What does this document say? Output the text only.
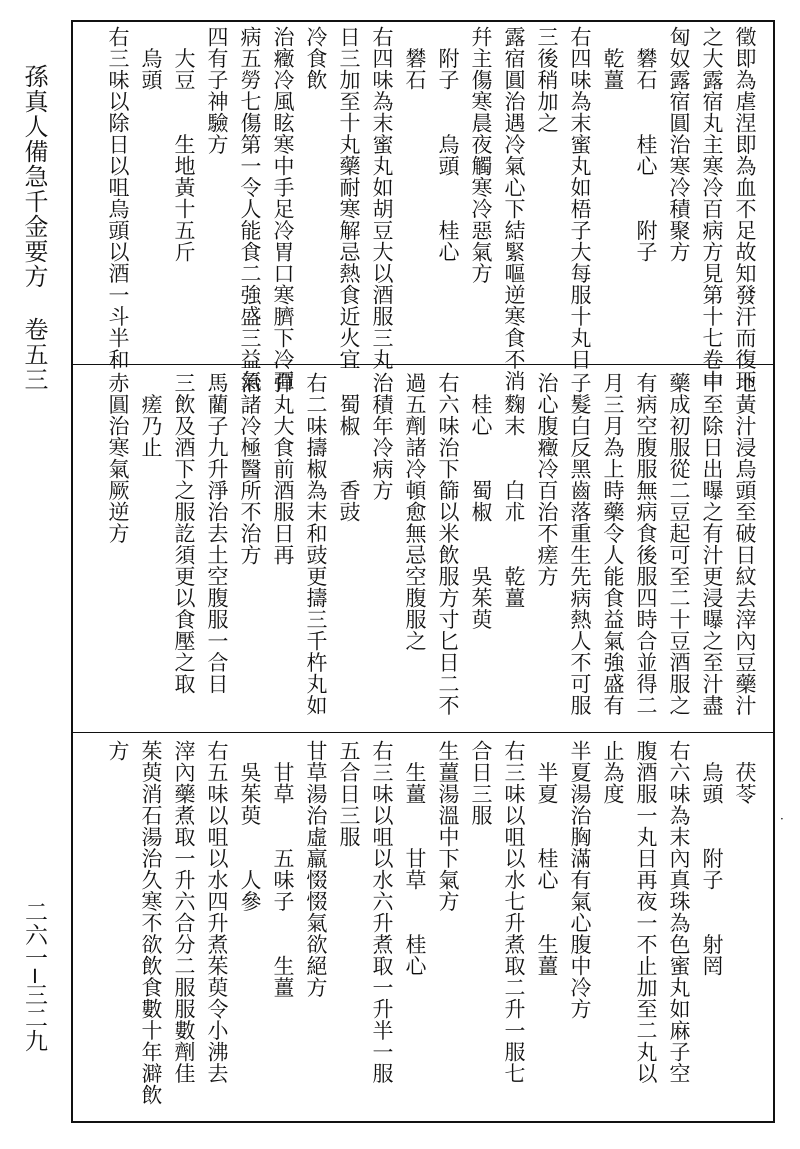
孫真人備急千金要方卷五三
二六一─三二九
徵即為虐涅即為血不足故知發汗而復下
之大露宿丸主寒冷百病方見第十七卷中
匈奴露宿圓治寒冷積聚方
　礬石　　桂心　　附子
　乾薑　　　　　　
右四味為末蜜丸如梧子大每服十丸日
三後稍加之
露宿圓治遇冷氣心下結緊嘔逆寒食不消
幷主傷寒晨夜觸寒冷惡氣方
　附子　　烏頭　　桂心
　礬石
右四味為末蜜丸如胡豆大以酒服三丸
日三加至十丸藥耐寒解忌熱食近火宜
冷食飲
治癥冷風眩寒中手足冷胃口寒臍下冷百
病五勞七傷第一令人能食二強盛三益氣
四有子神驗方
　大豆　　生地黃十五斤
　烏頭
右三味以除日以咀烏頭以酒一斗半和
地黃汁浸烏頭至破日紋去滓內豆藥汁
中至除日出曝之有汁更浸曝之至汁盡
藥成初服從二豆起可至二十豆酒服之
有病空腹服無病食後服四時合並得二
月三月為上時藥令人能食益氣強盛有
子髮白反黑齒落重生先病熱人不可服
治心腹癥冷百治不瘥方
　麴末　　白朮　　乾薑
　桂心　　蜀椒　　吳茱萸
右六味治下篩以米飲服方寸匕日二不
過五劑諸冷頓愈無忌空腹服之
治積年冷病方
　蜀椒　　香豉
右二味擣椒為末和豉更擣三千杵丸如
彈丸大食前酒服日再
治諸冷極醫所不治方
馬藺子九升淨治去土空腹服一合日
三飲及酒下之服訖須更以食壓之取
　瘥乃止
赤圓治寒氣厥逆方
　茯苓
　烏頭　　附子　　射罔
右六味為末內真珠為色蜜丸如麻子空
腹酒服一丸日再夜一不止加至二丸以
止為度
半夏湯治胸滿有氣心腹中冷方
　半夏　　桂心　　生薑
右三味以咀以水七升煮取二升一服七
合日三服
生薑湯溫中下氣方
　生薑　　甘草　　桂心
右三味以咀以水六升煮取一升半一服
五合日三服
甘草湯治虛羸惙惙氣欲絕方
　甘草　　五味子　　生薑
　吳茱萸　　人參
右五味以咀以水四升煮茱萸令小沸去
滓內藥煮取一升六合分二服服數劑佳
茱萸消石湯治久寒不欲飲食數十年澼飲
方
·
